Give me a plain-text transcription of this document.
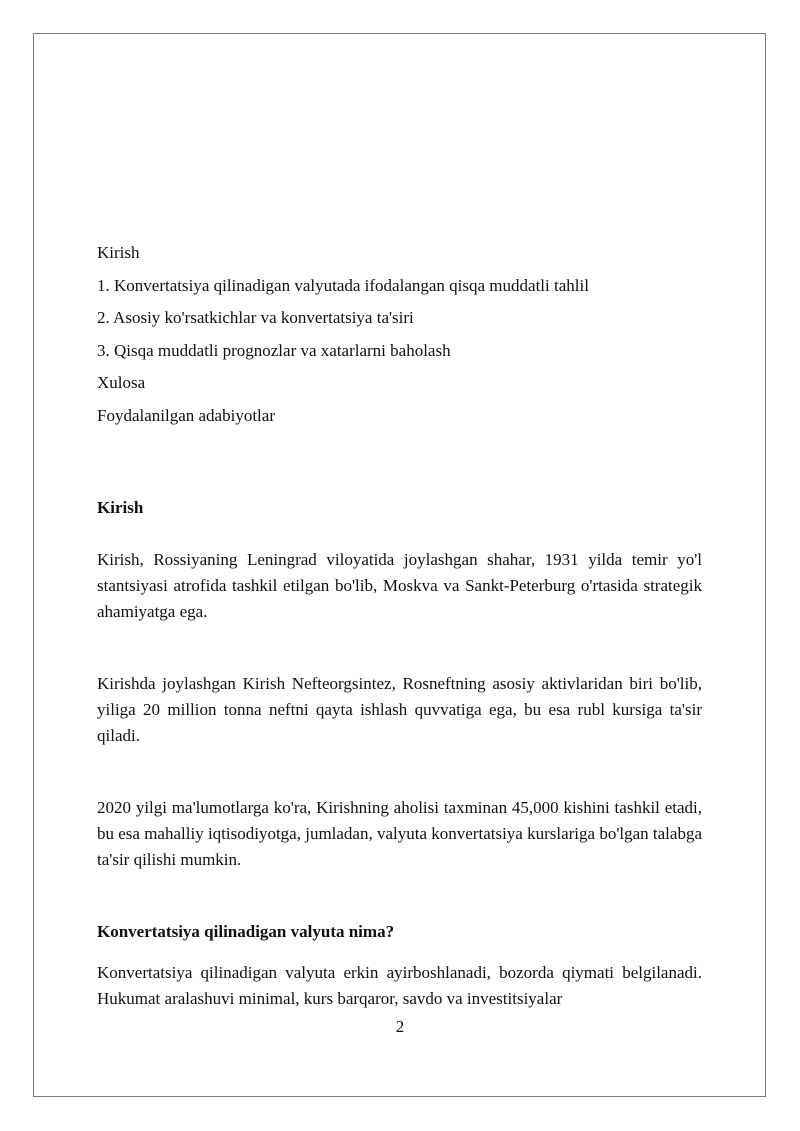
Kirish

1. Konvertatsiya qilinadigan valyutada ifodalangan qisqa muddatli tahlil

2. Asosiy ko'rsatkichlar va konvertatsiya ta'siri

3. Qisqa muddatli prognozlar va xatarlarni baholash

Xulosa

Foydalanilgan adabiyotlar

Kirish

Kirish, Rossiyaning Leningrad viloyatida joylashgan shahar, 1931 yilda temir yo'l stantsiyasi atrofida tashkil etilgan bo'lib, Moskva va Sankt-Peterburg o'rtasida strategik ahamiyatga ega.

Kirishda joylashgan Kirish Nefteorgsintez, Rosneftning asosiy aktivlaridan biri bo'lib, yiliga 20 million tonna neftni qayta ishlash quvvatiga ega, bu esa rubl kursiga ta'sir qiladi.

2020 yilgi ma'lumotlarga ko'ra, Kirishning aholisi taxminan 45,000 kishini tashkil etadi, bu esa mahalliy iqtisodiyotga, jumladan, valyuta konvertatsiya kurslariga bo'lgan talabga ta'sir qilishi mumkin.

Konvertatsiya qilinadigan valyuta nima?

Konvertatsiya qilinadigan valyuta erkin ayirboshlanadi, bozorda qiymati belgilanadi. Hukumat aralashuvi minimal, kurs barqaror, savdo va investitsiyalar

2
